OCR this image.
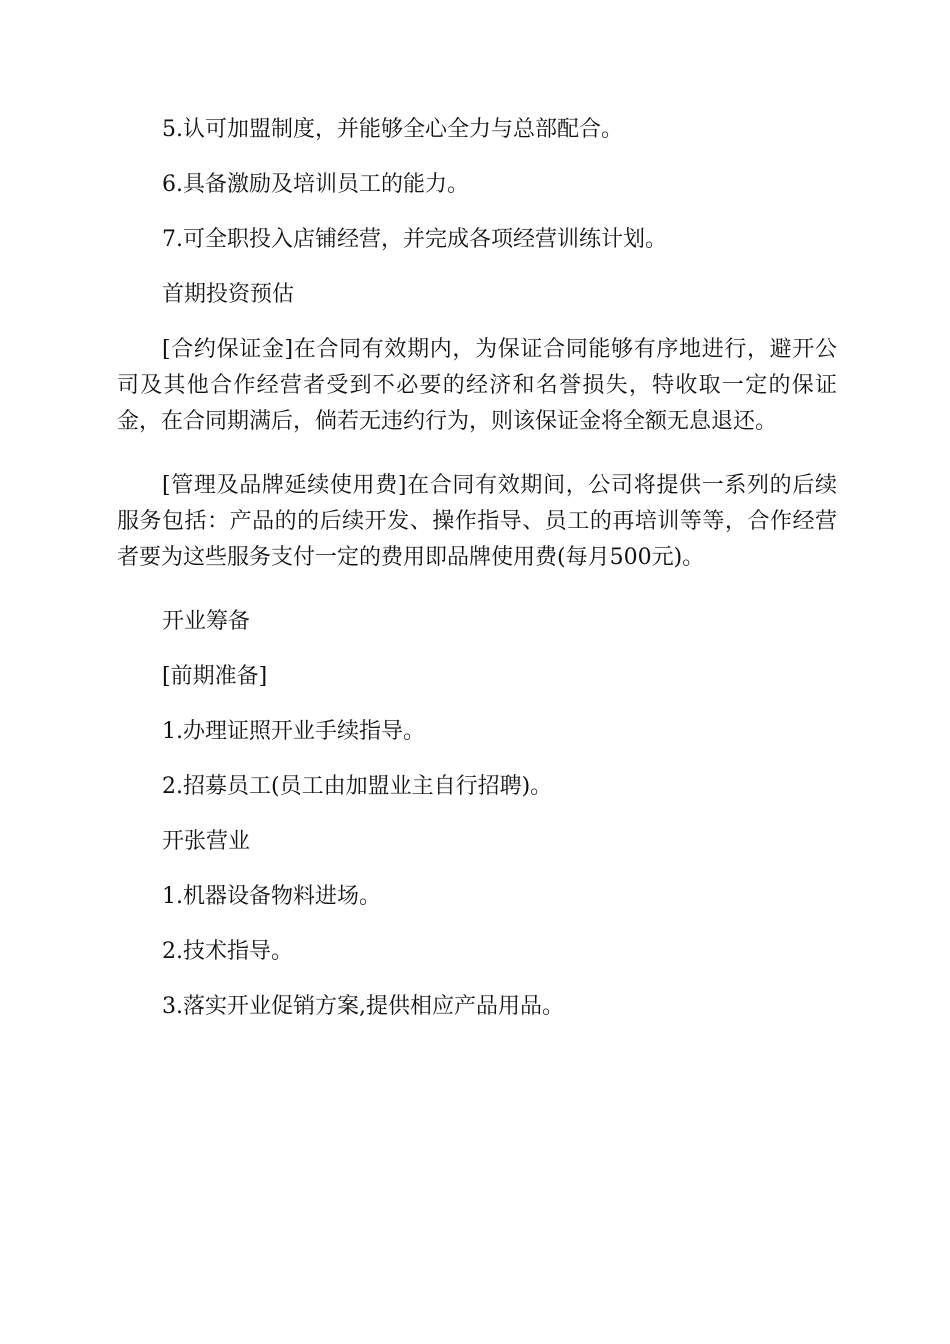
5.认可加盟制度，并能够全心全力与总部配合。

6.具备激励及培训员工的能力。

7.可全职投入店铺经营，并完成各项经营训练计划。

首期投资预估

[合约保证金]在合同有效期内，为保证合同能够有序地进行，避开公司及其他合作经营者受到不必要的经济和名誉损失，特收取一定的保证金，在合同期满后，倘若无违约行为，则该保证金将全额无息退还。

[管理及品牌延续使用费]在合同有效期间，公司将提供一系列的后续服务包括：产品的的后续开发、操作指导、员工的再培训等等，合作经营者要为这些服务支付一定的费用即品牌使用费(每月500元)。

开业筹备

[前期准备]

1.办理证照开业手续指导。

2.招募员工(员工由加盟业主自行招聘)。

开张营业

1.机器设备物料进场。

2.技术指导。

3.落实开业促销方案,提供相应产品用品。
